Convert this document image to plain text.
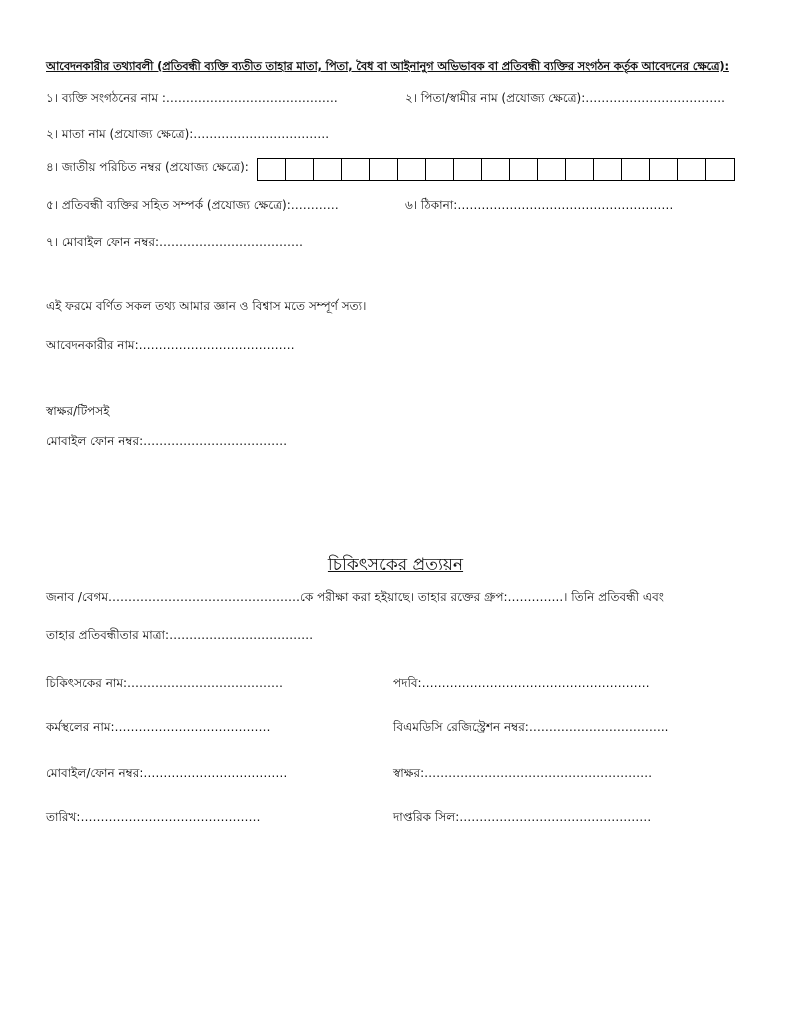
আবেদনকারীর তথ্যাবলী (প্রতিবন্ধী ব্যক্তি ব্যতীত তাহার মাতা, পিতা, বৈধ বা আইনানুগ অভিভাবক বা প্রতিবন্ধী ব্যক্তির সংগঠন কর্তৃক আবেদনের ক্ষেত্রে):
১। ব্যক্তি সংগঠনের নাম :…………………………………….	২। পিতা/স্বামীর নাম (প্রযোজ্য ক্ষেত্রে):……………………………..
২। মাতা নাম (প্রযোজ্য ক্ষেত্রে):…………………………….
৪। জাতীয় পরিচিত নম্বর (প্রযোজ্য ক্ষেত্রে):
৫। প্রতিবন্ধী ব্যক্তির সহিত সম্পর্ক (প্রযোজ্য ক্ষেত্রে):…………	৬। ঠিকানা:………………………………………………
৭। মোবাইল ফোন নম্বর:………………………………
এই ফরমে বর্ণিত সকল তথ্য আমার জ্ঞান ও বিশ্বাস মতে সম্পূর্ণ সত্য।
আবেদনকারীর নাম:…………………………………
স্বাক্ষর/টিপসই
মোবাইল ফোন নম্বর:………………………………
চিকিৎসকের প্রত্যয়ন
জনাব /বেগম…………………………………………কে পরীক্ষা করা হইয়াছে। তাহার রক্তের গ্রুপ:…………..। তিনি প্রতিবন্ধী এবং
তাহার প্রতিবন্ধীতার মাত্রা:………………………………
চিকিৎসকের নাম:…………………………………	পদবি:…………………………………………………
কর্মস্থলের নাম:…………………………………	বিএমডিসি রেজিস্ট্রেশন নম্বর:……………………………..
মোবাইল/ফোন নম্বর:………………………………	স্বাক্ষর:…………………………………………………
তারিখ:………………………………………	দাপ্তরিক সিল:…………………………………………
